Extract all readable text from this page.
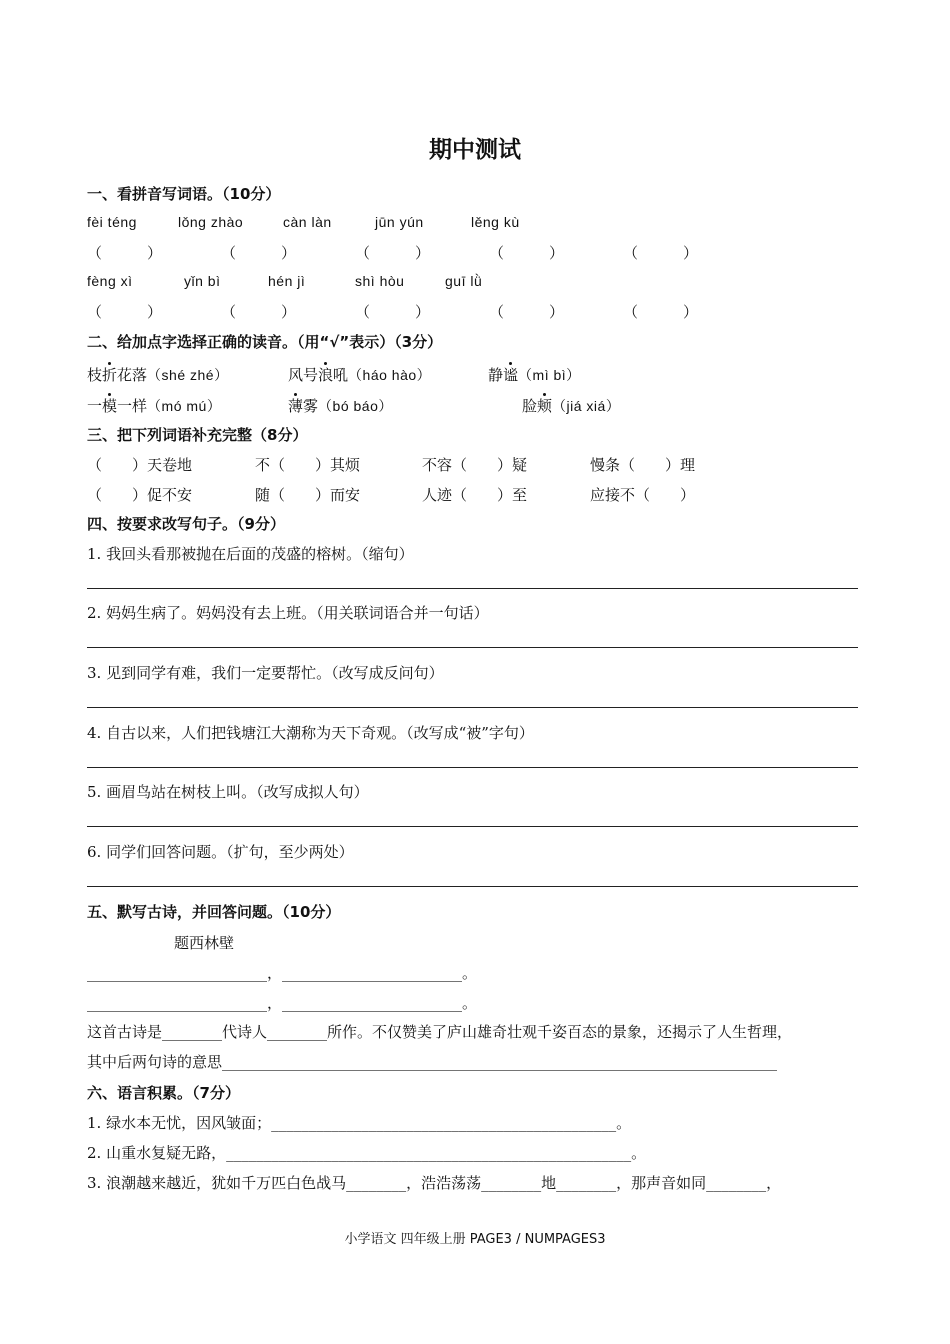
期中测试
一、看拼音写词语。（10分）
fèi téng	lǒng zhào	càn làn	jūn yún	lěng kù
（　　　）	（　　　）	（　　　）	（　　　）	（　　　）
fèng xì	yǐn bì	hén jì	shì hòu	guī lǜ
（　　　）	（　　　）	（　　　）	（　　　）	（　　　）
二、给加点字选择正确的读音。（用“√”表示）（3分）
枝折花落（shé zhé）	风号浪吼（háo hào）	静谧（mì bì）
一模一样（mó mú）	薄雾（bó báo）	脸颊（jiá xiá）
三、把下列词语补充完整（8分）
（　　）天卷地	不（　　）其烦	不容（　　）疑	慢条（　　）理
（　　）促不安	随（　　）而安	人迹（　　）至	应接不（　　）
四、按要求改写句子。（9分）
1. 我回头看那被抛在后面的茂盛的榕树。（缩句）
2. 妈妈生病了。妈妈没有去上班。（用关联词语合并一句话）
3. 见到同学有难，我们一定要帮忙。（改写成反问句）
4. 自古以来，人们把钱塘江大潮称为天下奇观。（改写成“被”字句）
5. 画眉鸟站在树枝上叫。（改写成拟人句）
6. 同学们回答问题。（扩句，至少两处）
五、默写古诗，并回答问题。（10分）
题西林壁
________________________，________________________。
________________________，________________________。
这首古诗是________代诗人________所作。不仅赞美了庐山雄奇壮观千姿百态的景象，还揭示了人生哲理，
其中后两句诗的意思__________________________________________________________________________
六、语言积累。（7分）
1. 绿水本无忧，因风皱面；______________________________________________。
2. 山重水复疑无路，______________________________________________________。
3. 浪潮越来越近，犹如千万匹白色战马________，浩浩荡荡________地________，那声音如同________，
小学语文 四年级上册 PAGE3 / NUMPAGES3
